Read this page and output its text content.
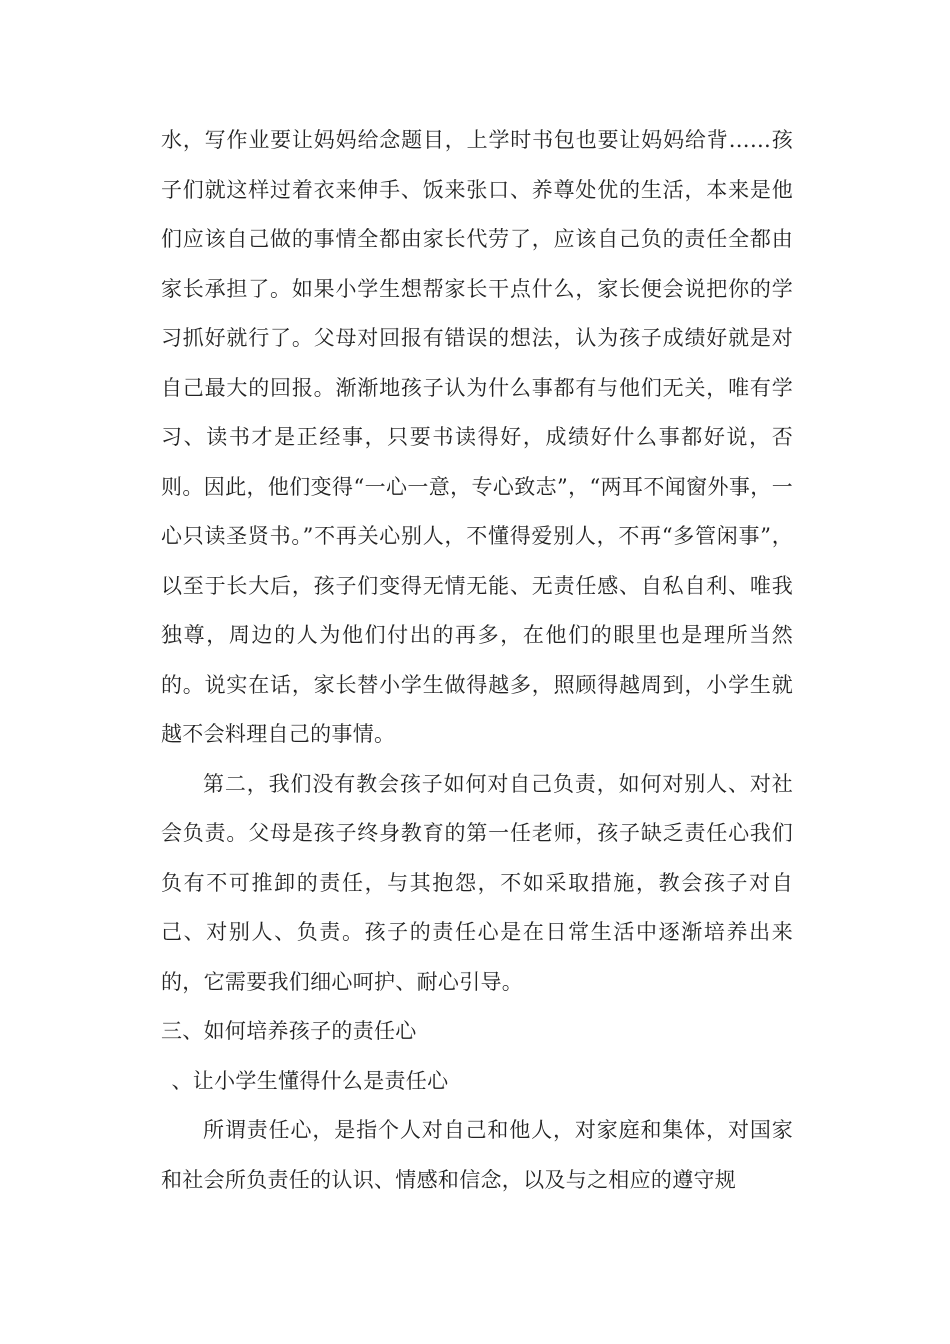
水，写作业要让妈妈给念题目，上学时书包也要让妈妈给背……孩子们就这样过着衣来伸手、饭来张口、养尊处优的生活，本来是他们应该自己做的事情全都由家长代劳了，应该自己负的责任全都由家长承担了。如果小学生想帮家长干点什么，家长便会说把你的学习抓好就行了。父母对回报有错误的想法，认为孩子成绩好就是对自己最大的回报。渐渐地孩子认为什么事都有与他们无关，唯有学习、读书才是正经事，只要书读得好，成绩好什么事都好说，否则。因此，他们变得“一心一意，专心致志”，“两耳不闻窗外事，一心只读圣贤书。”不再关心别人，不懂得爱别人，不再“多管闲事”，以至于长大后，孩子们变得无情无能、无责任感、自私自利、唯我独尊，周边的人为他们付出的再多，在他们的眼里也是理所当然的。说实在话，家长替小学生做得越多，照顾得越周到，小学生就越不会料理自己的事情。

第二，我们没有教会孩子如何对自己负责，如何对别人、对社会负责。父母是孩子终身教育的第一任老师，孩子缺乏责任心我们负有不可推卸的责任，与其抱怨，不如采取措施，教会孩子对自己、对别人、负责。孩子的责任心是在日常生活中逐渐培养出来的，它需要我们细心呵护、耐心引导。

三、如何培养孩子的责任心
、让小学生懂得什么是责任心

所谓责任心，是指个人对自己和他人，对家庭和集体，对国家和社会所负责任的认识、情感和信念，以及与之相应的遵守规
